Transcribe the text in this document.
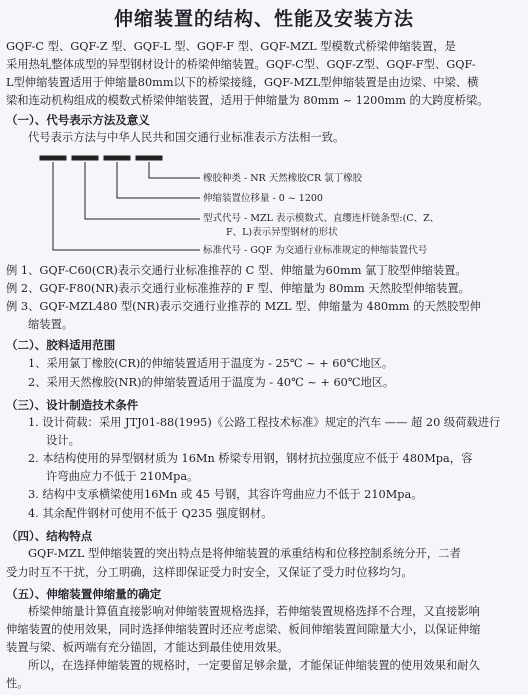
伸缩装置的结构、性能及安装方法
GQF-C 型、GQF-Z 型、GQF-L 型、GQF-F 型、GQF-MZL 型模数式桥梁伸缩装置，是
采用热轧整体成型的异型钢材设计的桥梁伸缩装置。GQF-C型、GQF-Z型、GQF-F型、GQF-
L型伸缩装置适用于伸缩量80mm以下的桥梁接缝，GQF-MZL型伸缩装置是由边梁、中梁、横
梁和连动机构组成的模数式桥梁伸缩装置，适用于伸缩量为 80mm ~ 1200mm 的大跨度桥梁。
（一）、代号表示方法及意义
代号表示方法与中华人民共和国交通行业标准表示方法相一致。
橡胶种类 - NR 天然橡胶CR 氯丁橡胶
伸缩装置位移量 - 0 ~ 1200
型式代号 - MZL 表示模数式、直缨连杆链条型:(C、Z、
F、L)表示异型钢材的形状
标准代号 - GQF 为交通行业标准规定的伸缩装置代号
例 1、GQF-C60(CR)表示交通行业标准推荐的 C 型、伸缩量为60mm 氯丁胶型伸缩装置。
例 2、GQF-F80(NR)表示交通行业标准推荐的 F 型、伸缩量为 80mm 天然胶型伸缩装置。
例 3、GQF-MZL480 型(NR)表示交通行业推荐的 MZL 型、伸缩量为 480mm 的天然胶型伸
缩装置。
（二）、胶料适用范围
1、采用氯丁橡胶(CR)的伸缩装置适用于温度为 - 25℃ ~ + 60℃地区。
2、采用天然橡胶(NR)的伸缩装置适用于温度为 - 40℃ ~ + 60℃地区。
（三）、设计制造技术条件
1. 设计荷载：采用 JTJ01-88(1995)《公路工程技术标准》规定的汽车 —— 超 20 级荷载进行
设计。
2. 本结构使用的异型钢材质为 16Mn 桥梁专用钢，钢材抗拉强度应不低于 480Mpa，容
许弯曲应力不低于 210Mpa。
3. 结构中支承横梁使用16Mn 或 45 号钢，其容许弯曲应力不低于 210Mpa。
4. 其余配件钢材可使用不低于 Q235 强度钢材。
（四）、结构特点
GQF-MZL 型伸缩装置的突出特点是将伸缩装置的承重结构和位移控制系统分开，二者
受力时互不干扰，分工明确，这样即保证受力时安全，又保证了受力时位移均匀。
（五）、伸缩装置伸缩量的确定
桥梁伸缩量计算值直接影响对伸缩装置规格选择，若伸缩装置规格选择不合理，又直接影响
伸缩装置的使用效果，同时选择伸缩装置时还应考虑梁、板间伸缩装置间隙量大小，以保证伸缩
装置与梁、板两端有充分锚固，才能达到最佳使用效果。
所以，在选择伸缩装置的规格时，一定要留足够余量，才能保证伸缩装置的使用效果和耐久
性。
